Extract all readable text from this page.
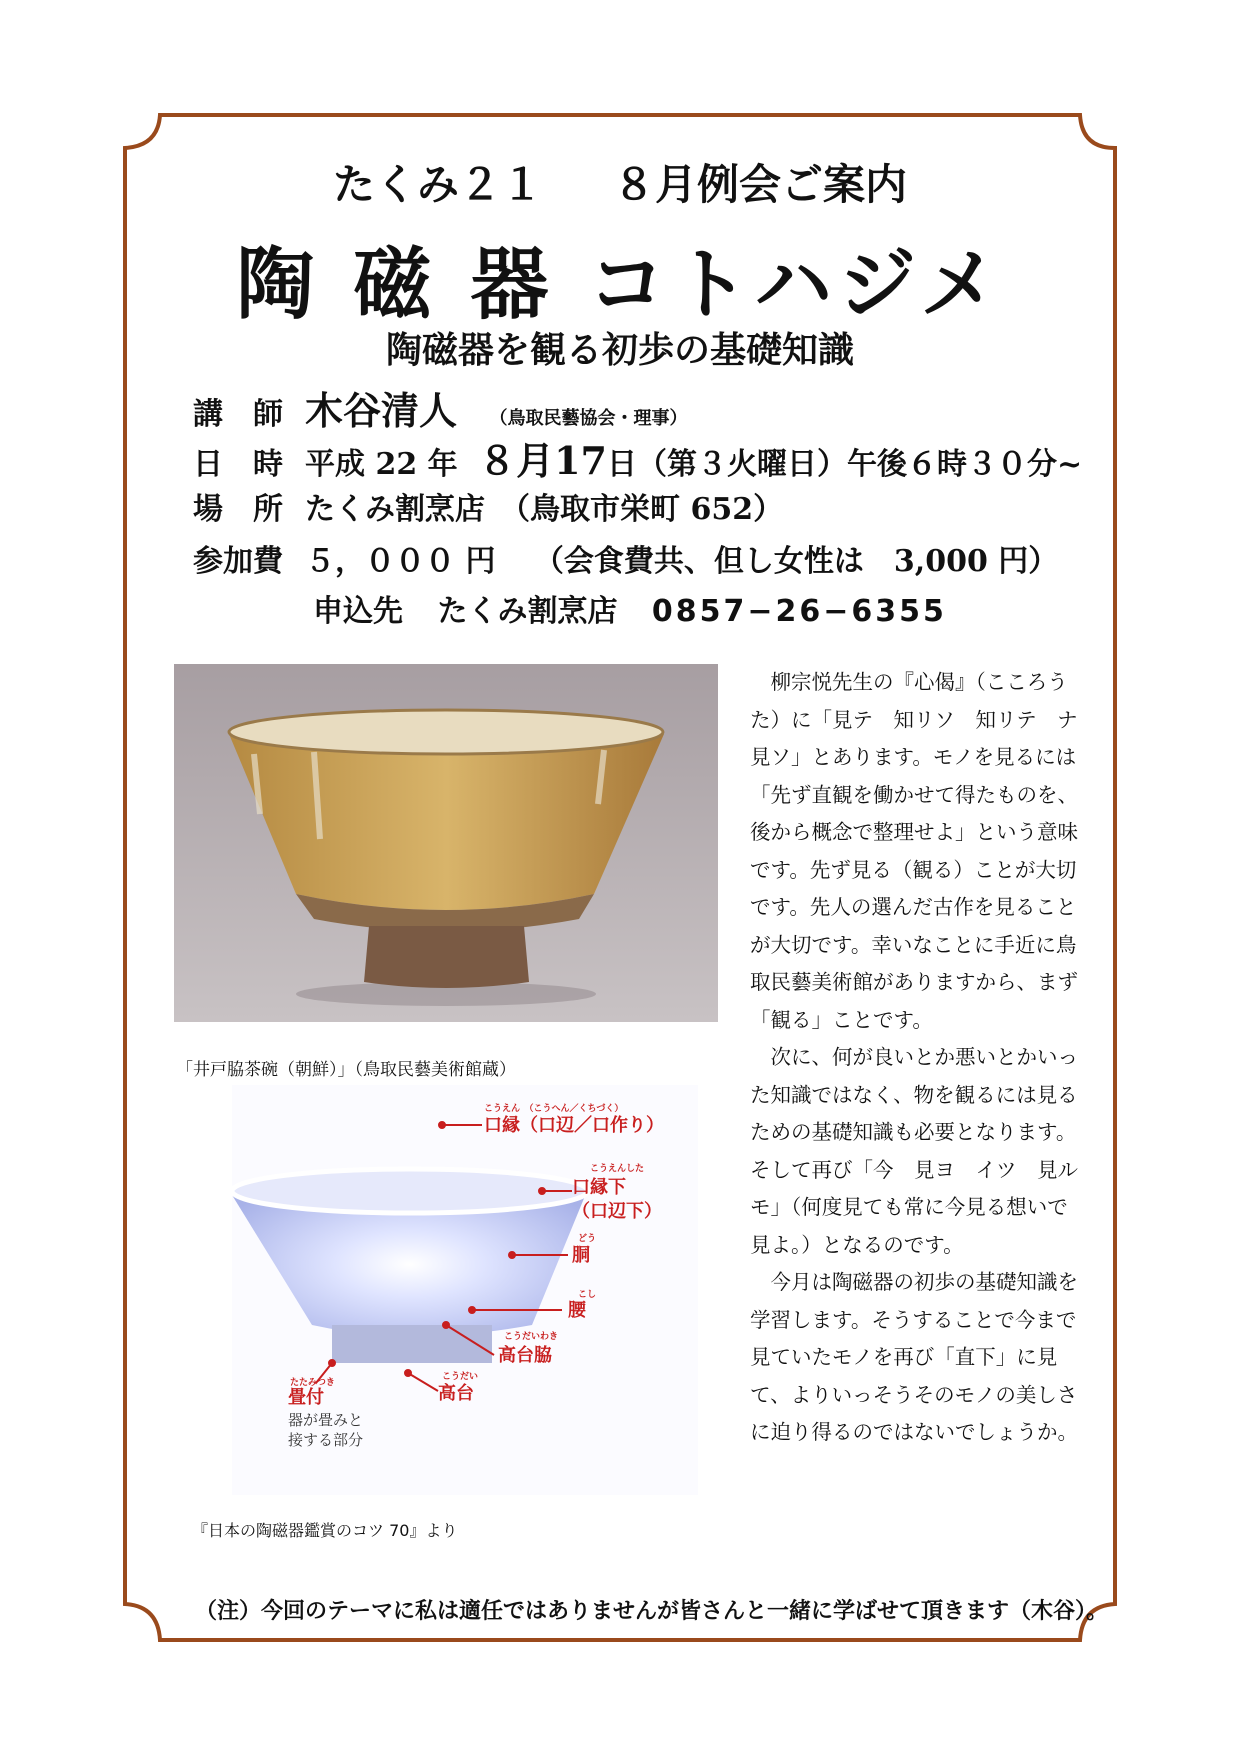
たくみ２１ ８月例会ご案内
陶 磁 器 コトハジメ
陶磁器を観る初歩の基礎知識
講　師 木谷清人 （鳥取民藝協会・理事）
日　時 平成 22 年 ８月17日（第３火曜日）午後６時３０分~
場　所 たくみ割烹店　（鳥取市栄町 652）
参加費 ５，０００ 円 （会食費共、但し女性は　3,000 円）
申込先 たくみ割烹店 0857−26−6355
「井戸脇茶碗（朝鮮）」（鳥取民藝美術館蔵）
こうえん　（こうへん／くちづく）
口縁（口辺／口作り）
こうえんした
口縁下
（口辺下）
どう
胴
こし
腰
こうだいわき
高台脇
こうだい
高台
たたみつき
畳付
器が畳みと
接する部分
『日本の陶磁器鑑賞のコツ 70』より

柳宗悦先生の『心偈』（こころうた）に「見テ　知リソ　知リテ　ナ見ソ」とあります。モノを見るには「先ず直観を働かせて得たものを、後から概念で整理せよ」という意味です。先ず見る（観る）ことが大切です。先人の選んだ古作を見ることが大切です。幸いなことに手近に鳥取民藝美術館がありますから、まず「観る」ことです。

次に、何が良いとか悪いとかいった知識ではなく、物を観るには見るための基礎知識も必要となります。そして再び「今　見ヨ　イツ　見ルモ」（何度見ても常に今見る想いで見よ。）となるのです。

今月は陶磁器の初歩の基礎知識を学習します。そうすることで今まで見ていたモノを再び「直下」に見て、よりいっそうそのモノの美しさに迫り得るのではないでしょうか。

（注）今回のテーマに私は適任ではありませんが皆さんと一緒に学ばせて頂きます（木谷）。
